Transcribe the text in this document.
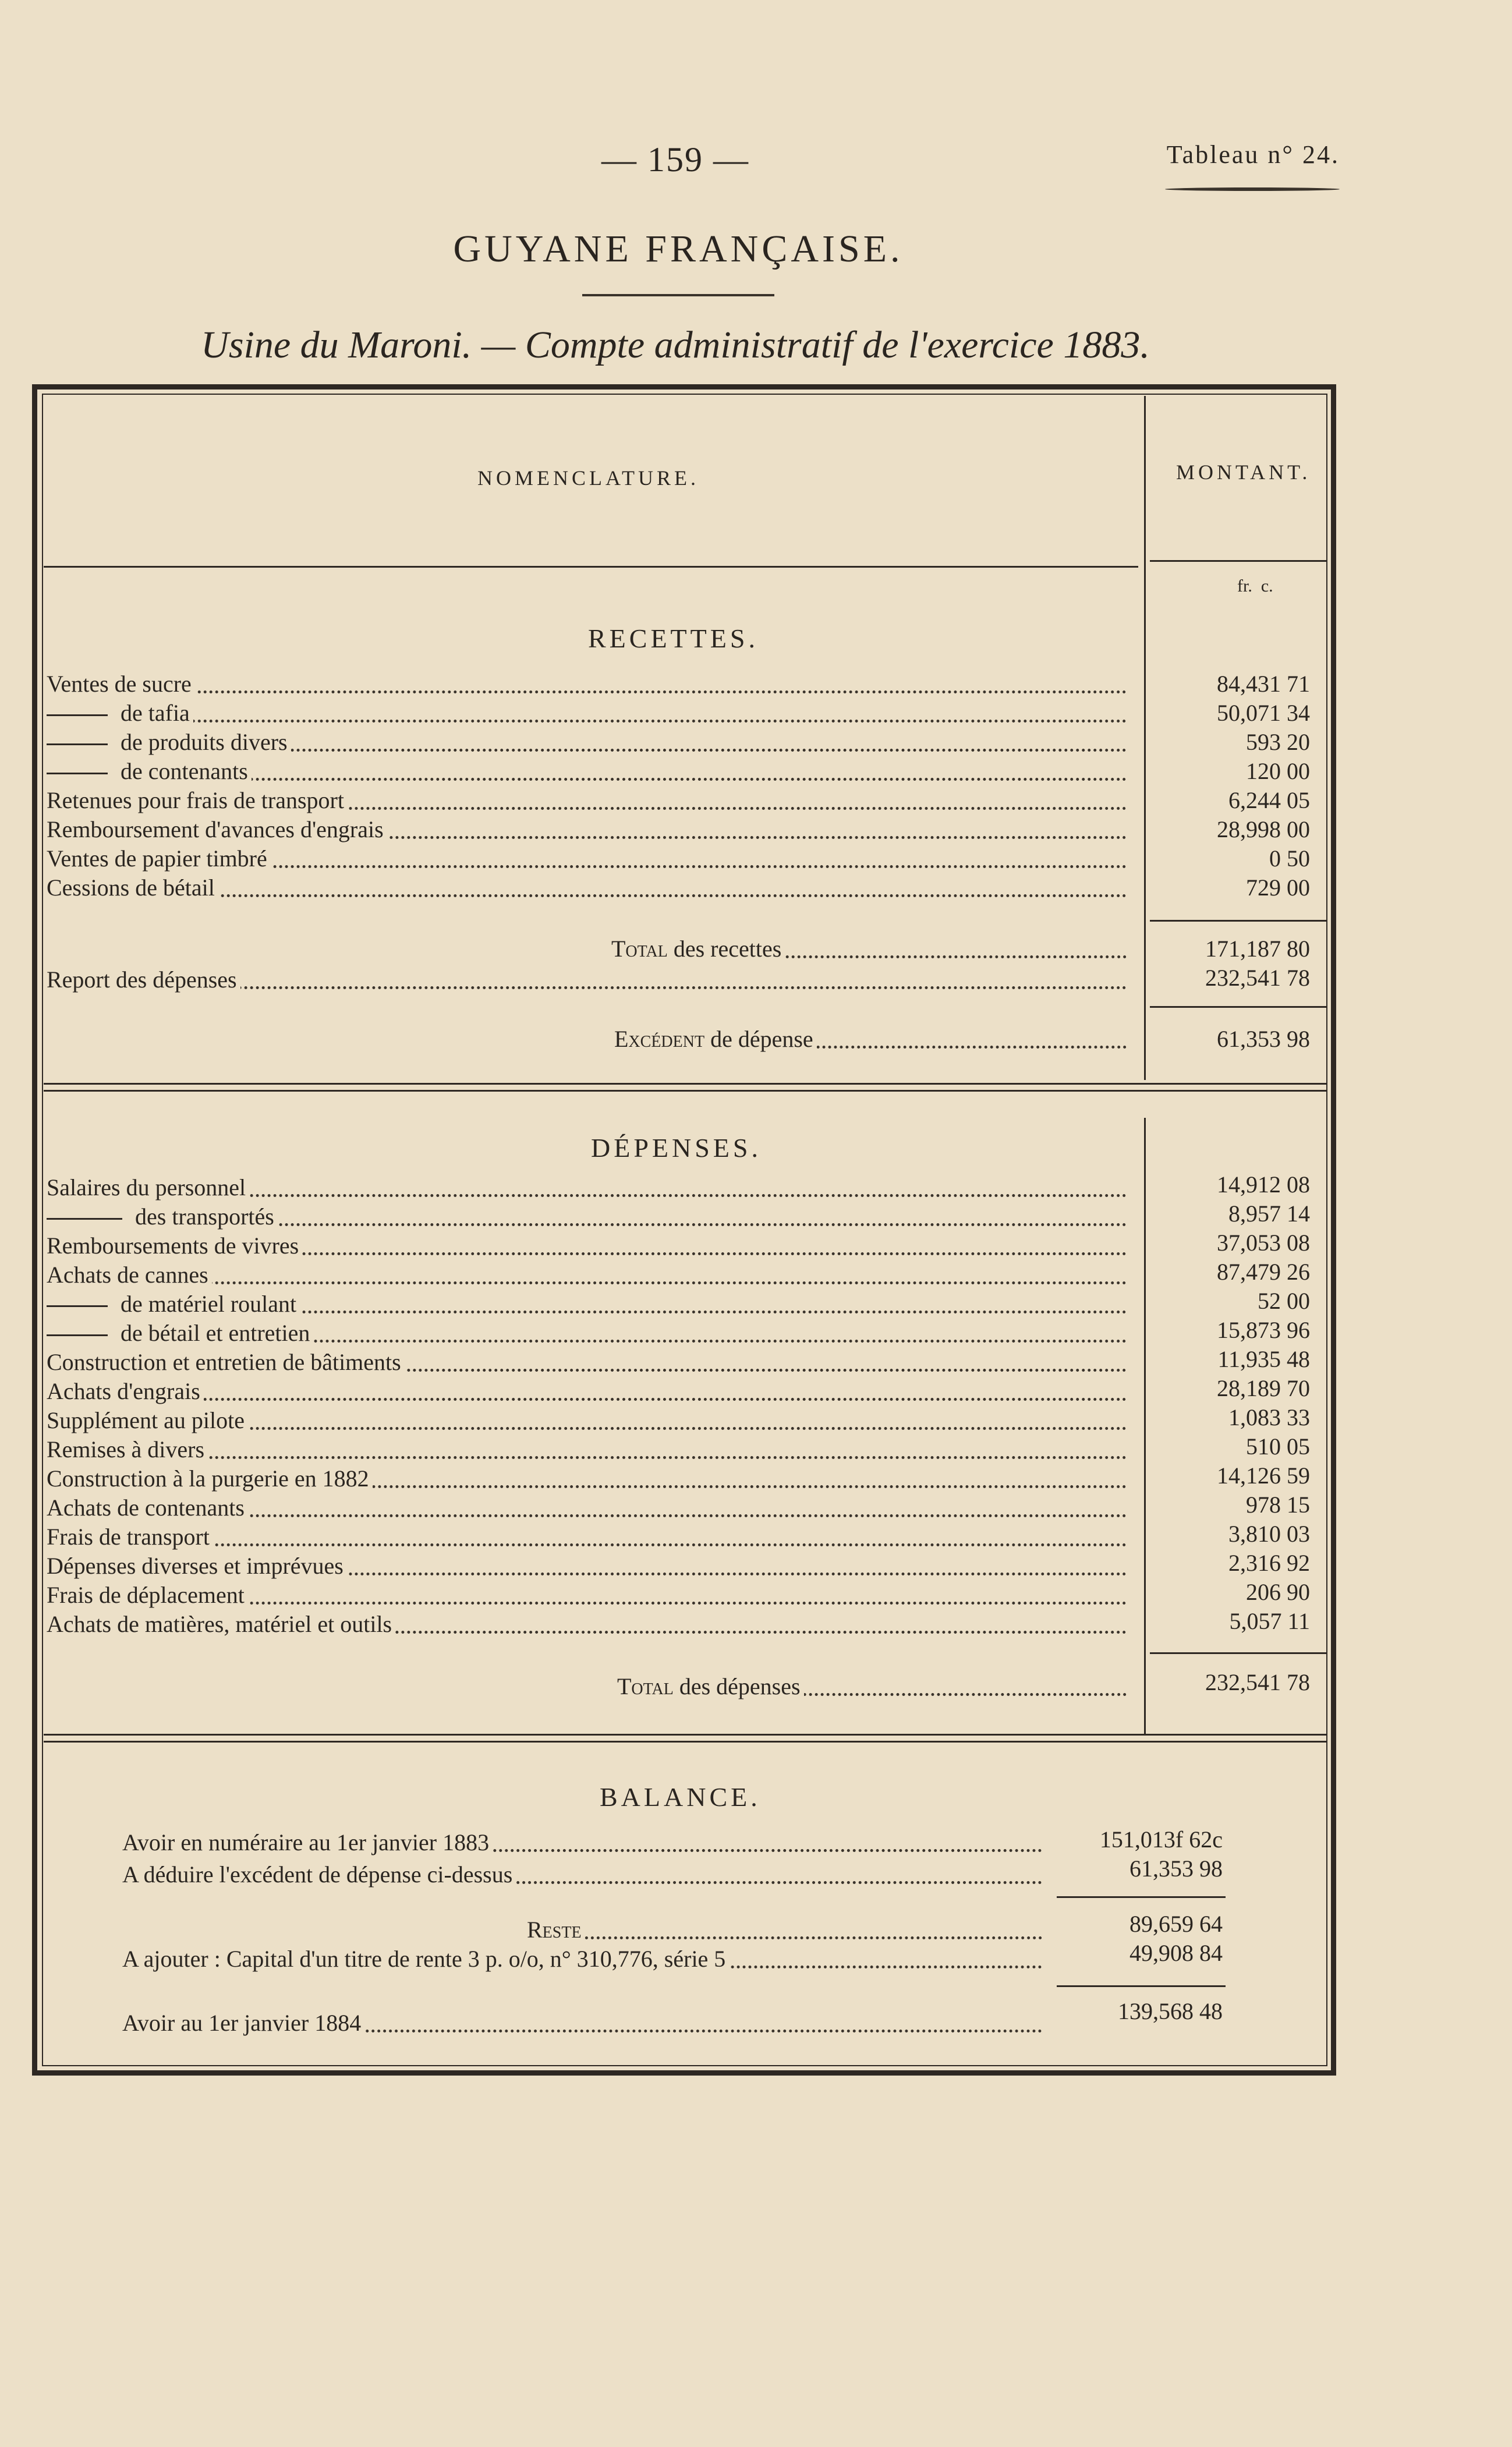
— 159 —	Tableau n° 24.
GUYANE FRANÇAISE.
Usine du Maroni. — Compte administratif de l'exercice 1883.
NOMENCLATURE.	MONTANT.
fr.  c.
RECETTES.
Ventes de sucre	84,431 71
de tafia	50,071 34
de produits divers	593 20
de contenants	120 00
Retenues pour frais de transport	6,244 05
Remboursement d'avances d'engrais	28,998 00
Ventes de papier timbré	0 50
Cessions de bétail	729 00
Total des recettes	171,187 80
Report des dépenses	232,541 78
Excédent de dépense	61,353 98
DÉPENSES.
Salaires du personnel	14,912 08
des transportés	8,957 14
Remboursements de vivres	37,053 08
Achats de cannes	87,479 26
de matériel roulant	52 00
de bétail et entretien	15,873 96
Construction et entretien de bâtiments	11,935 48
Achats d'engrais	28,189 70
Supplément au pilote	1,083 33
Remises à divers	510 05
Construction à la purgerie en 1882	14,126 59
Achats de contenants	978 15
Frais de transport	3,810 03
Dépenses diverses et imprévues	2,316 92
Frais de déplacement	206 90
Achats de matières, matériel et outils	5,057 11
Total des dépenses	232,541 78
BALANCE.
Avoir en numéraire au 1er janvier 1883	151,013f 62c
A déduire l'excédent de dépense ci-dessus	61,353 98
Reste	89,659 64
A ajouter : Capital d'un titre de rente 3 p. o/o, n° 310,776, série 5	49,908 84
Avoir au 1er janvier 1884	139,568 48
